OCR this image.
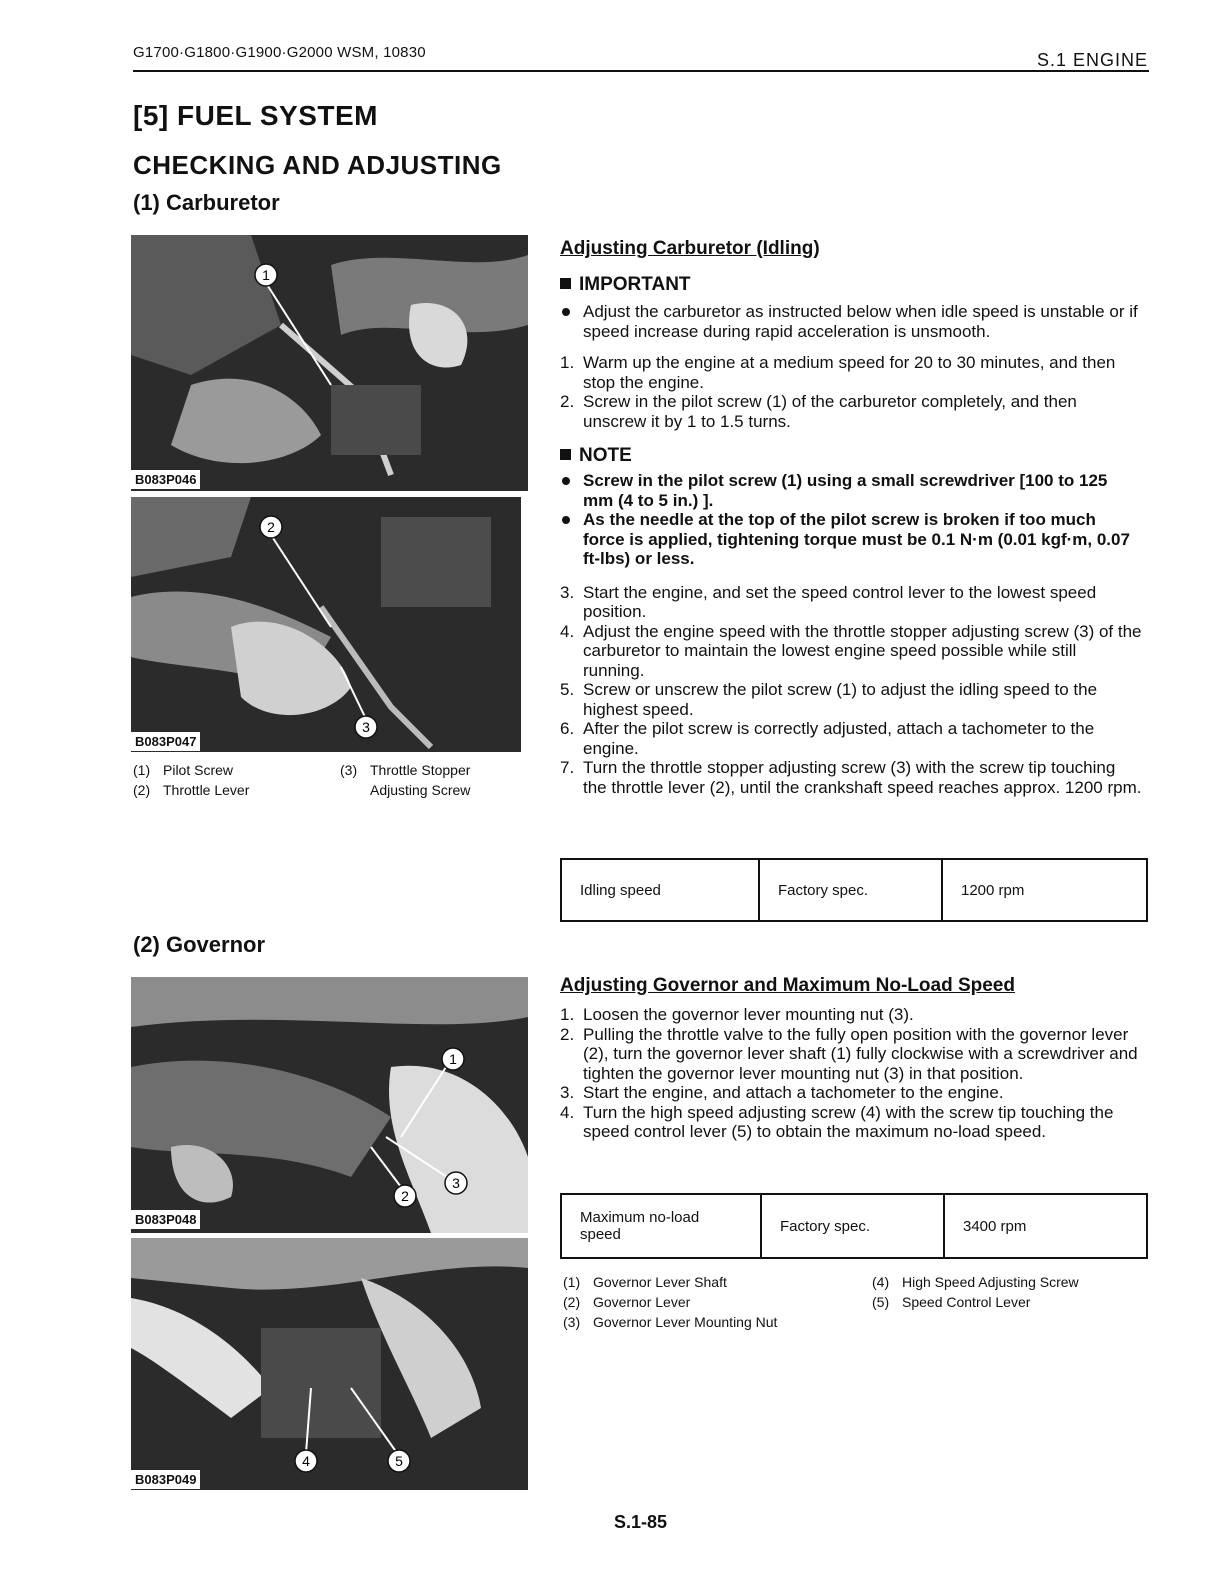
G1700·G1800·G1900·G2000 WSM, 10830	S.1 ENGINE
[5] FUEL SYSTEM
CHECKING AND ADJUSTING
(1) Carburetor
1
B083P046
2
3
B083P047
(1) Pilot Screw
(2) Throttle Lever
(3) Throttle Stopper
Adjusting Screw
Adjusting Carburetor (Idling)
IMPORTANT
Adjust the carburetor as instructed below when idle speed is unstable or if speed increase during rapid acceleration is unsmooth.
1. Warm up the engine at a medium speed for 20 to 30 minutes, and then stop the engine.
2. Screw in the pilot screw (1) of the carburetor completely, and then unscrew it by 1 to 1.5 turns.
NOTE
Screw in the pilot screw (1) using a small screwdriver [100 to 125 mm (4 to 5 in.) ].
As the needle at the top of the pilot screw is broken if too much force is applied, tightening torque must be 0.1 N·m (0.01 kgf·m, 0.07 ft-lbs) or less.
3. Start the engine, and set the speed control lever to the lowest speed position.
4. Adjust the engine speed with the throttle stopper adjusting screw (3) of the carburetor to maintain the lowest engine speed possible while still running.
5. Screw or unscrew the pilot screw (1) to adjust the idling speed to the highest speed.
6. After the pilot screw is correctly adjusted, attach a tachometer to the engine.
7. Turn the throttle stopper adjusting screw (3) with the screw tip touching the throttle lever (2), until the crankshaft speed reaches approx. 1200 rpm.
Idling speed	Factory spec.	1200 rpm
(2) Governor
1
2
3
B083P048
4	5
B083P049
Adjusting Governor and Maximum No-Load Speed
1. Loosen the governor lever mounting nut (3).
2. Pulling the throttle valve to the fully open position with the governor lever (2), turn the governor lever shaft (1) fully clockwise with a screwdriver and tighten the governor lever mounting nut (3) in that position.
3. Start the engine, and attach a tachometer to the engine.
4. Turn the high speed adjusting screw (4) with the screw tip touching the speed control lever (5) to obtain the maximum no-load speed.
Maximum no-load speed	Factory spec.	3400 rpm
(1) Governor Lever Shaft
(2) Governor Lever
(3) Governor Lever Mounting Nut
(4) High Speed Adjusting Screw
(5) Speed Control Lever
S.1-85
